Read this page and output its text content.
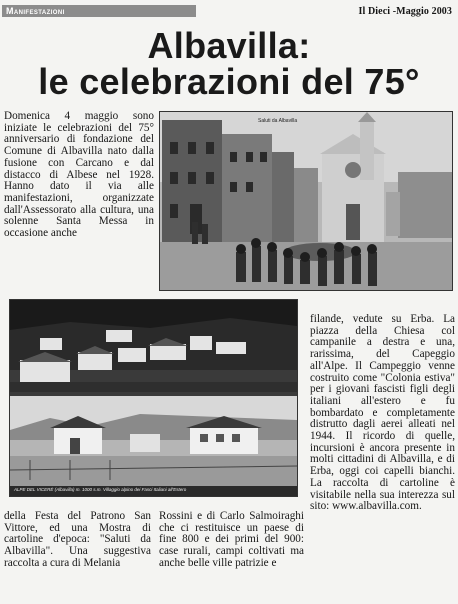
Manifestazioni	Il Dieci -Maggio 2003
Albavilla:
le celebrazioni del 75°

Domenica 4 maggio sono iniziate le celebrazioni del 75° anniversario di fondazione del Comune di Albavilla nato dalla fusione con Carcano e dal distacco di Albese nel 1928. Hanno dato il via alle manifestazioni, organizzate dall'Assessorato alla cultura, una solenne Santa Messa in occasione anche

Saluti da Albavilla
ALPE DEL VICERÈ (Albavilla) m. 1000 s.m. Villaggio alpino dei Fasci Italiani all'Estero

filande, vedute su Erba. La piazza della Chiesa col campanile a destra e una, rarissima, del Capeggio all'Alpe. Il Campeggio venne costruito come "Colonia estiva" per i giovani fascisti figli degli italiani all'estero e fu bombardato e completamente distrutto dagli aerei alleati nel 1944. Il ricordo di quelle, incursioni è ancora presente in molti cittadini di Albavilla, e di Erba, oggi coi capelli bianchi. La raccolta di cartoline è visitabile nella sua interezza sul sito: www.albavilla.com.

della Festa del Patrono San Vittore, ed una Mostra di cartoline d'epoca: "Saluti da Albavilla". Una suggestiva raccolta a cura di Melania

Rossini e di Carlo Salmoiraghi che ci restituisce un paese di fine 800 e dei primi del 900: case rurali, campi coltivati ma anche belle ville patrizie e
